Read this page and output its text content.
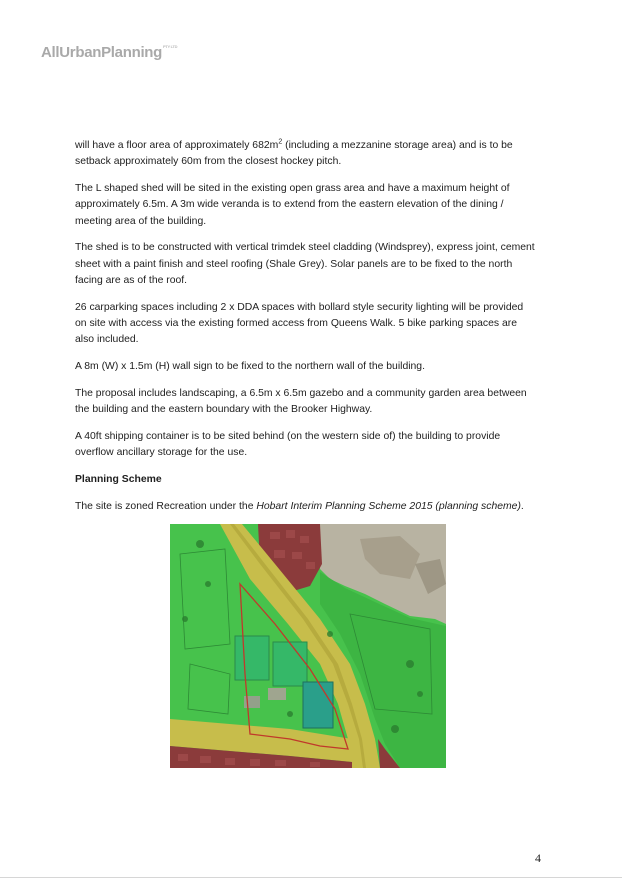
AllUrbanPlanning$^{PTY LTD}$

will have a floor area of approximately $682m^2$ (including a mezzanine storage area) and is to be setback approximately 60m from the closest hockey pitch.

The L shaped shed will be sited in the existing open grass area and have a maximum height of approximately 6.5m. A 3m wide veranda is to extend from the eastern elevation of the dining / meeting area of the building.

The shed is to be constructed with vertical trimdek steel cladding (Windsprey), express joint, cement sheet with a paint finish and steel roofing (Shale Grey). Solar panels are to be fixed to the north facing are as of the roof.

26 carparking spaces including 2 x DDA spaces with bollard style security lighting will be provided on site with access via the existing formed access from Queens Walk. 5 bike parking spaces are also included.

A 8m (W) x 1.5m (H) wall sign to be fixed to the northern wall of the building.

The proposal includes landscaping, a 6.5m x 6.5m gazebo and a community garden area between the building and the eastern boundary with the Brooker Highway.

A 40ft shipping container is to be sited behind (on the western side of) the building to provide overflow ancillary storage for the use.

Planning Scheme

The site is zoned Recreation under the Hobart Interim Planning Scheme 2015 (planning scheme).

4
